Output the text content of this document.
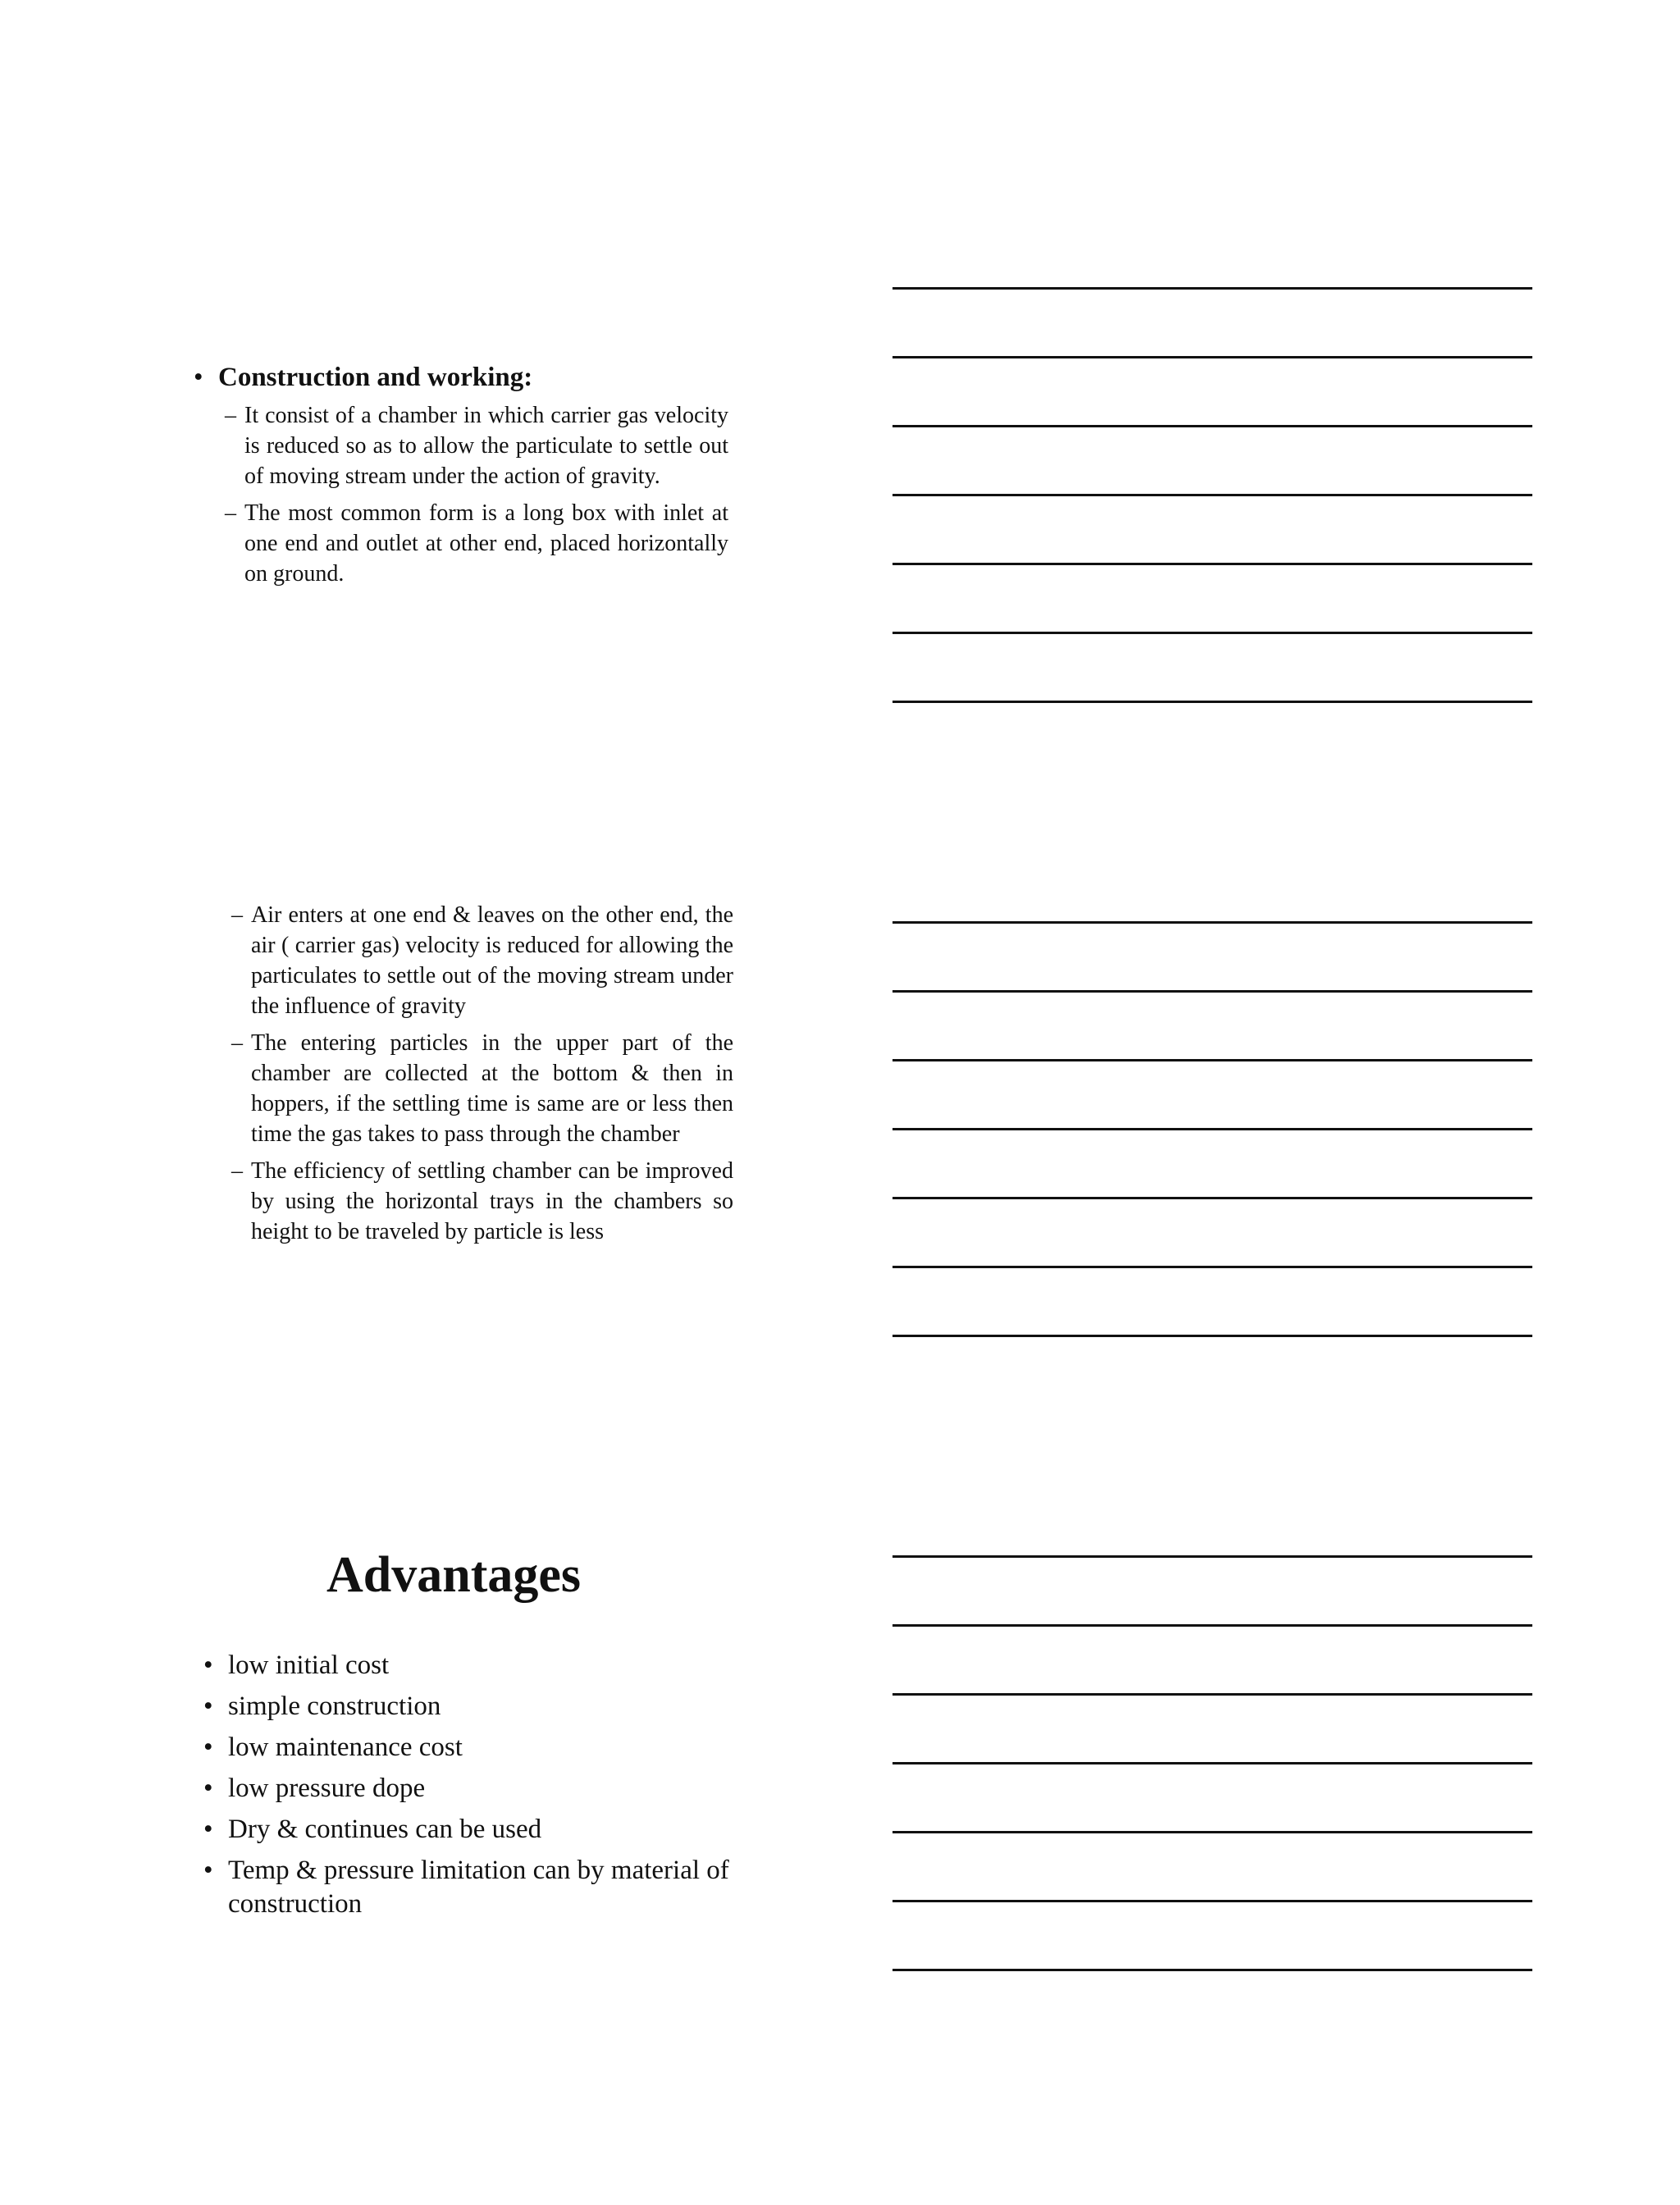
• Construction and working:
– It consist of a chamber in which carrier gas velocity is reduced so as to allow the particulate to settle out of moving stream under the action of gravity.

– The most common form is a long box with inlet at one end and outlet at other end, placed horizontally on ground.

– Air enters at one end & leaves on the other end, the air ( carrier gas) velocity is reduced for allowing the particulates to settle out of the moving stream under the influence of gravity

– The entering particles in the upper part of the chamber are collected at the bottom & then in hoppers, if the settling time is same are or less then time the gas takes to pass through the chamber

– The efficiency of settling chamber can be improved by using the horizontal trays in the chambers so height to be traveled by particle is less

Advantages
• low initial cost
• simple construction
• low maintenance cost
• low pressure dope
• Dry & continues can be used
• Temp & pressure limitation can by material of construction
